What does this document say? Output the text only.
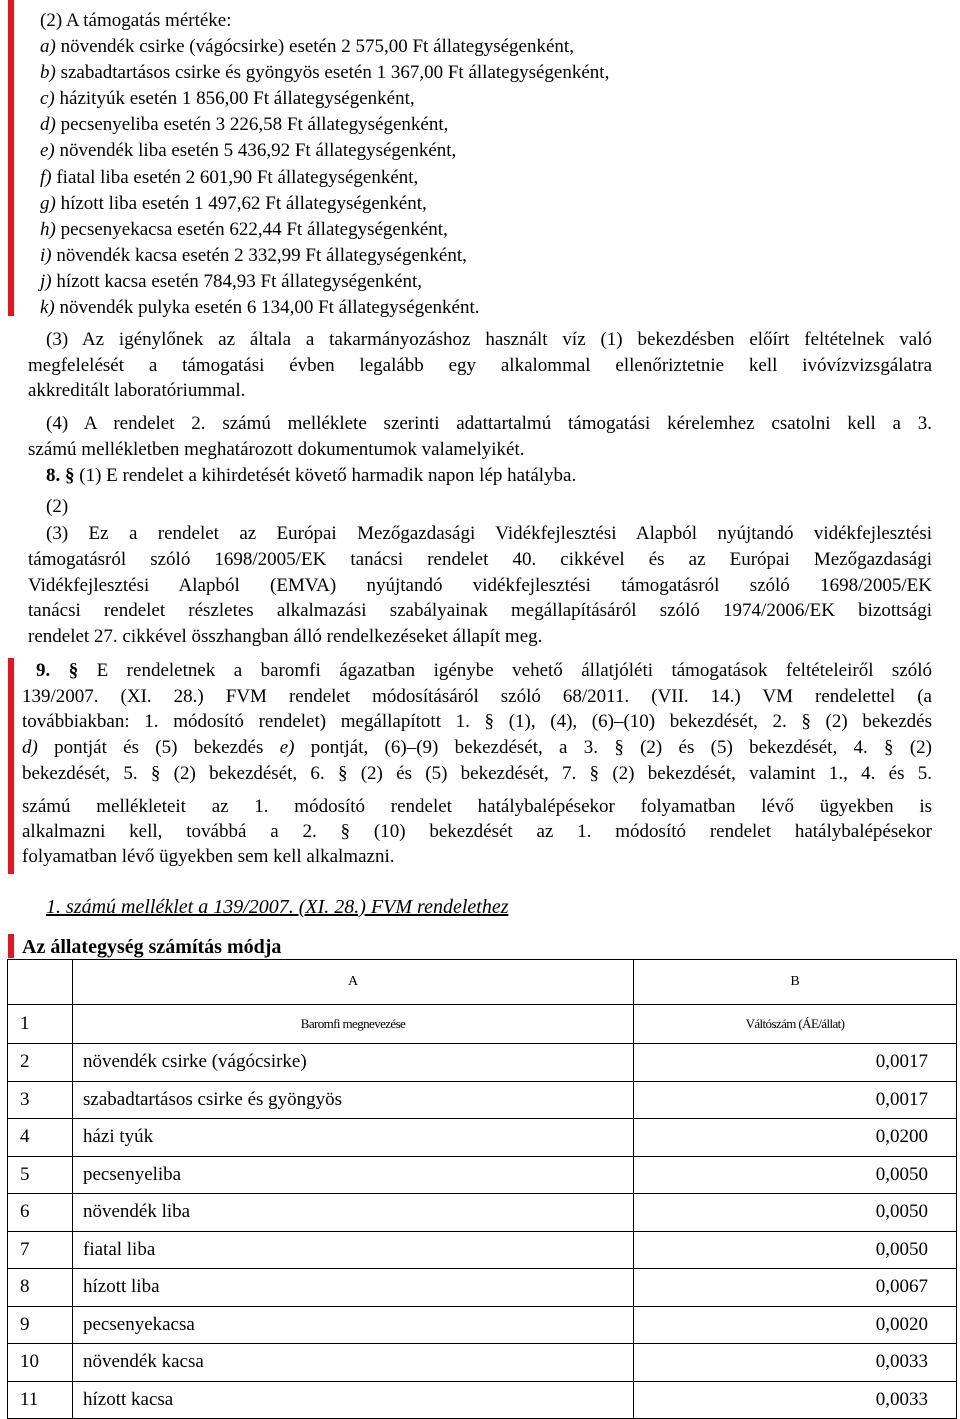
(2) A támogatás mértéke:
a) növendék csirke (vágócsirke) esetén 2 575,00 Ft állategységenként,
b) szabadtartásos csirke és gyöngyös esetén 1 367,00 Ft állategységenként,
c) házityúk esetén 1 856,00 Ft állategységenként,
d) pecsenyeliba esetén 3 226,58 Ft állategységenként,
e) növendék liba esetén 5 436,92 Ft állategységenként,
f) fiatal liba esetén 2 601,90 Ft állategységenként,
g) hízott liba esetén 1 497,62 Ft állategységenként,
h) pecsenyekacsa esetén 622,44 Ft állategységenként,
i) növendék kacsa esetén 2 332,99 Ft állategységenként,
j) hízott kacsa esetén 784,93 Ft állategységenként,
k) növendék pulyka esetén 6 134,00 Ft állategységenként.
(3) Az igénylőnek az általa a takarmányozáshoz használt víz (1) bekezdésben előírt feltételnek való
megfelelését a támogatási évben legalább egy alkalommal ellenőriztetnie kell ivóvízvizsgálatra
akkreditált laboratóriummal.
(4) A rendelet 2. számú melléklete szerinti adattartalmú támogatási kérelemhez csatolni kell a 3.
számú mellékletben meghatározott dokumentumok valamelyikét.
8. § (1) E rendelet a kihirdetését követő harmadik napon lép hatályba.
(2)
(3) Ez a rendelet az Európai Mezőgazdasági Vidékfejlesztési Alapból nyújtandó vidékfejlesztési
támogatásról szóló 1698/2005/EK tanácsi rendelet 40. cikkével és az Európai Mezőgazdasági
Vidékfejlesztési Alapból (EMVA) nyújtandó vidékfejlesztési támogatásról szóló 1698/2005/EK
tanácsi rendelet részletes alkalmazási szabályainak megállapításáról szóló 1974/2006/EK bizottsági
rendelet 27. cikkével összhangban álló rendelkezéseket állapít meg.
9. § E rendeletnek a baromfi ágazatban igénybe vehető állatjóléti támogatások feltételeiről szóló
139/2007. (XI. 28.) FVM rendelet módosításáról szóló 68/2011. (VII. 14.) VM rendelettel (a
továbbiakban: 1. módosító rendelet) megállapított 1. § (1), (4), (6)–(10) bekezdését, 2. § (2) bekezdés
d) pontját és (5) bekezdés e) pontját, (6)–(9) bekezdését, a 3. § (2) és (5) bekezdését, 4. § (2)
bekezdését, 5. § (2) bekezdését, 6. § (2) és (5) bekezdését, 7. § (2) bekezdését, valamint 1., 4. és 5.
számú mellékleteit az 1. módosító rendelet hatálybalépésekor folyamatban lévő ügyekben is
alkalmazni kell, továbbá a 2. § (10) bekezdését az 1. módosító rendelet hatálybalépésekor
folyamatban lévő ügyekben sem kell alkalmazni.
1. számú melléklet a 139/2007. (XI. 28.) FVM rendelethez
Az állategység számítás módja
	A	B
1	Baromfi megnevezése	Váltószám (ÁE/állat)
2	növendék csirke (vágócsirke)	0,0017
3	szabadtartásos csirke és gyöngyös	0,0017
4	házi tyúk	0,0200
5	pecsenyeliba	0,0050
6	növendék liba	0,0050
7	fiatal liba	0,0050
8	hízott liba	0,0067
9	pecsenyekacsa	0,0020
10	növendék kacsa	0,0033
11	hízott kacsa	0,0033
